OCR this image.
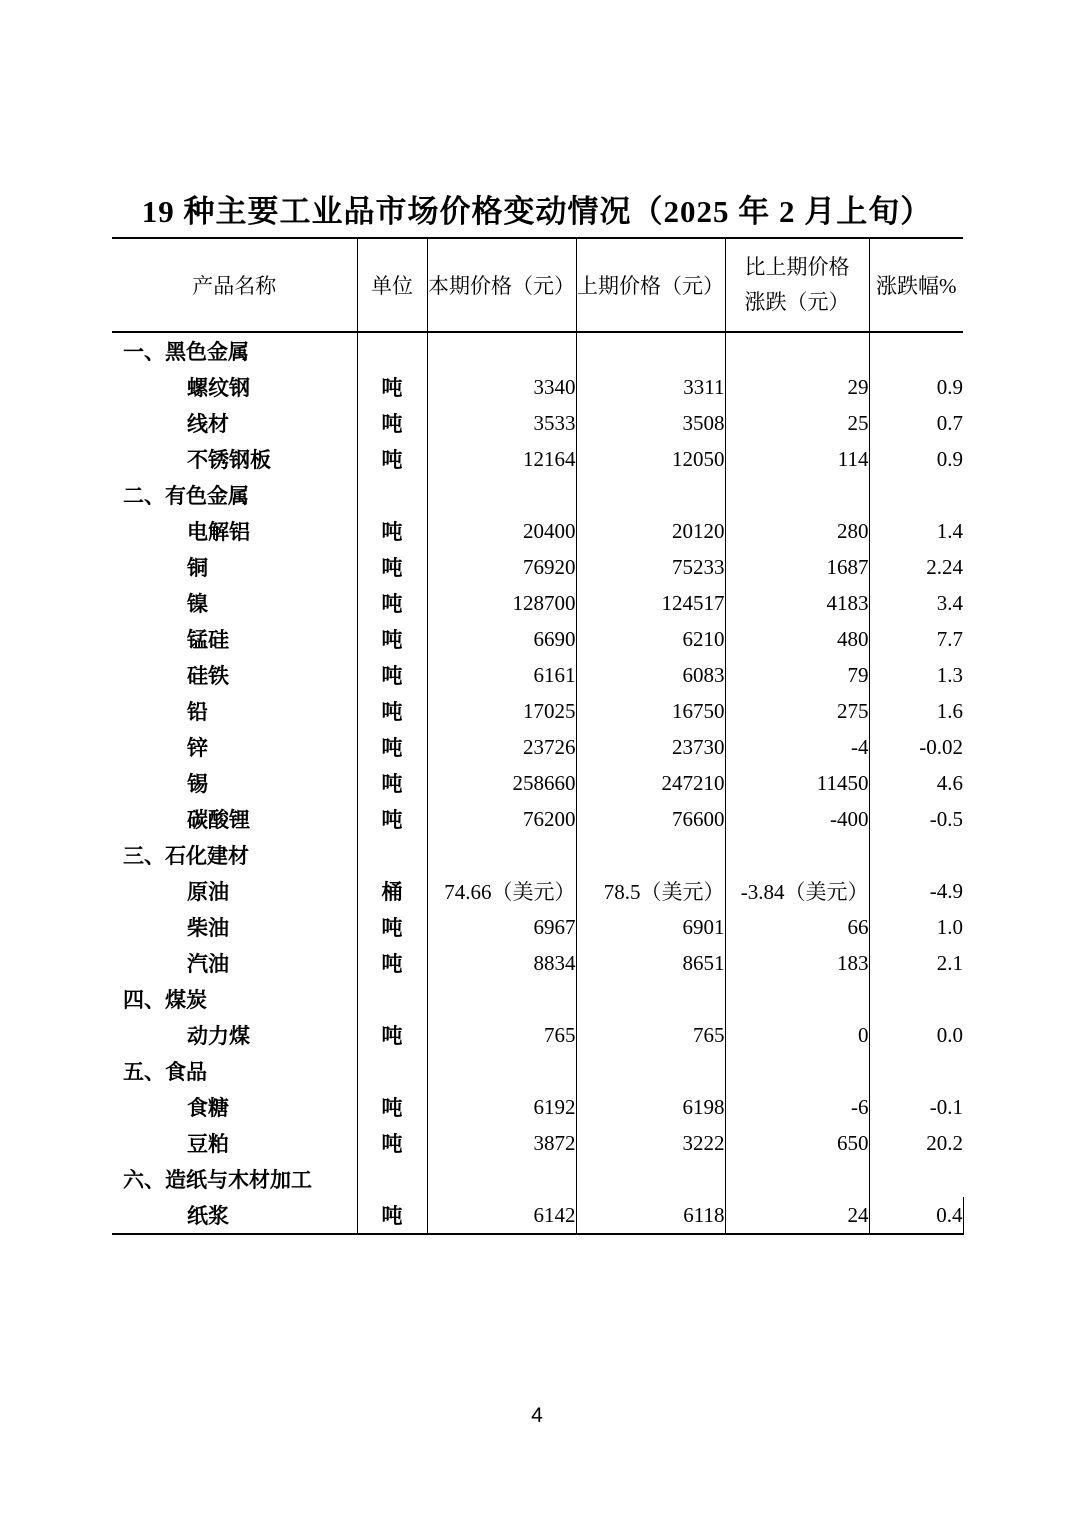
19 种主要工业品市场价格变动情况（2025 年 2 月上旬）
产品名称	单位	本期价格（元）	上期价格（元）	比上期价格
涨跌（元）	涨跌幅%
一、黑色金属					
螺纹钢	吨	3340	3311	29	0.9
线材	吨	3533	3508	25	0.7
不锈钢板	吨	12164	12050	114	0.9
二、有色金属					
电解铝	吨	20400	20120	280	1.4
铜	吨	76920	75233	1687	2.24
镍	吨	128700	124517	4183	3.4
锰硅	吨	6690	6210	480	7.7
硅铁	吨	6161	6083	79	1.3
铅	吨	17025	16750	275	1.6
锌	吨	23726	23730	-4	-0.02
锡	吨	258660	247210	11450	4.6
碳酸锂	吨	76200	76600	-400	-0.5
三、石化建材					
原油	桶	74.66（美元）	78.5（美元）	-3.84（美元）	-4.9
柴油	吨	6967	6901	66	1.0
汽油	吨	8834	8651	183	2.1
四、煤炭					
动力煤	吨	765	765	0	0.0
五、食品					
食糖	吨	6192	6198	-6	-0.1
豆粕	吨	3872	3222	650	20.2
六、造纸与木材加工					
纸浆	吨	6142	6118	24	0.4
4
